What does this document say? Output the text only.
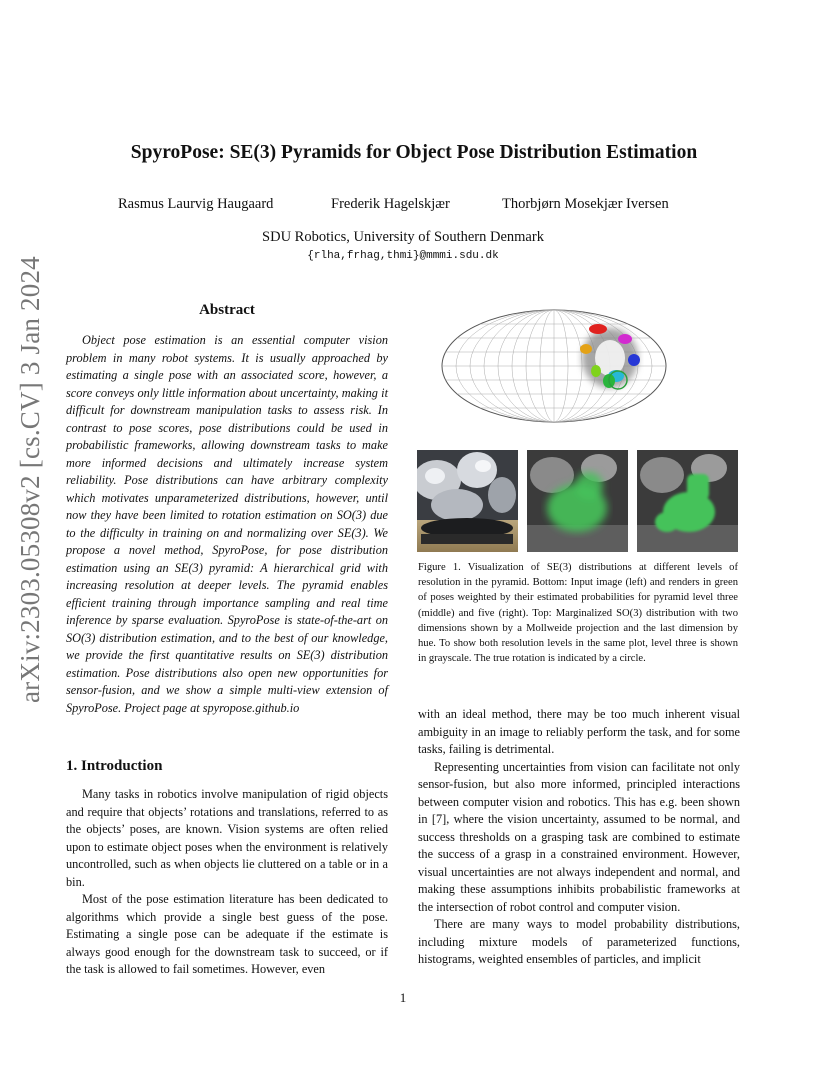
arXiv:2303.05308v2 [cs.CV] 3 Jan 2024
SpyroPose: SE(3) Pyramids for Object Pose Distribution Estimation
Rasmus Laurvig Haugaard	Frederik Hagelskjær	Thorbjørn Mosekjær Iversen
SDU Robotics, University of Southern Denmark
{rlha,frhag,thmi}@mmmi.sdu.dk
Abstract
Object pose estimation is an essential computer vision problem in many robot systems. It is usually approached by estimating a single pose with an associated score, however, a score conveys only little information about uncertainty, making it difficult for downstream manipulation tasks to assess risk. In contrast to pose scores, pose distributions could be used in probabilistic frameworks, allowing downstream tasks to make more informed decisions and ultimately increase system reliability. Pose distributions can have arbitrary complexity which motivates unparameterized distributions, however, until now they have been limited to rotation estimation on SO(3) due to the difficulty in training on and normalizing over SE(3). We propose a novel method, SpyroPose, for pose distribution estimation using an SE(3) pyramid: A hierarchical grid with increasing resolution at deeper levels. The pyramid enables efficient training through importance sampling and real time inference by sparse evaluation. SpyroPose is state-of-the-art on SO(3) distribution estimation, and to the best of our knowledge, we provide the first quantitative results on SE(3) distribution estimation. Pose distributions also open new opportunities for sensor-fusion, and we show a simple multi-view extension of SpyroPose. Project page at spyropose.github.io
1. Introduction

Many tasks in robotics involve manipulation of rigid objects and require that objects’ rotations and translations, referred to as the objects’ poses, are known. Vision systems are often relied upon to estimate object poses when the environment is relatively uncontrolled, such as when objects lie cluttered on a table or in a bin.

Most of the pose estimation literature has been dedicated to algorithms which provide a single best guess of the pose. Estimating a single pose can be adequate if the estimate is always good enough for the downstream task to succeed, or if the task is allowed to fail sometimes. However, even

Figure 1. Visualization of SE(3) distributions at different levels of resolution in the pyramid. Bottom: Input image (left) and renders in green of poses weighted by their estimated probabilities for pyramid level three (middle) and five (right). Top: Marginalized SO(3) distribution with two dimensions shown by a Mollweide projection and the last dimension by hue. To show both resolution levels in the same plot, level three is shown in grayscale. The true rotation is indicated by a circle.

with an ideal method, there may be too much inherent visual ambiguity in an image to reliably perform the task, and for some tasks, failing is detrimental.

Representing uncertainties from vision can facilitate not only sensor-fusion, but also more informed, principled interactions between computer vision and robotics. This has e.g. been shown in [7], where the vision uncertainty, assumed to be normal, and success thresholds on a grasping task are combined to estimate the success of a grasp in a constrained environment. However, visual uncertainties are not always independent and normal, and making these assumptions inhibits probabilistic frameworks at the intersection of robot control and computer vision.

There are many ways to model probability distributions, including mixture models of parameterized functions, histograms, weighted ensembles of particles, and implicit

1
